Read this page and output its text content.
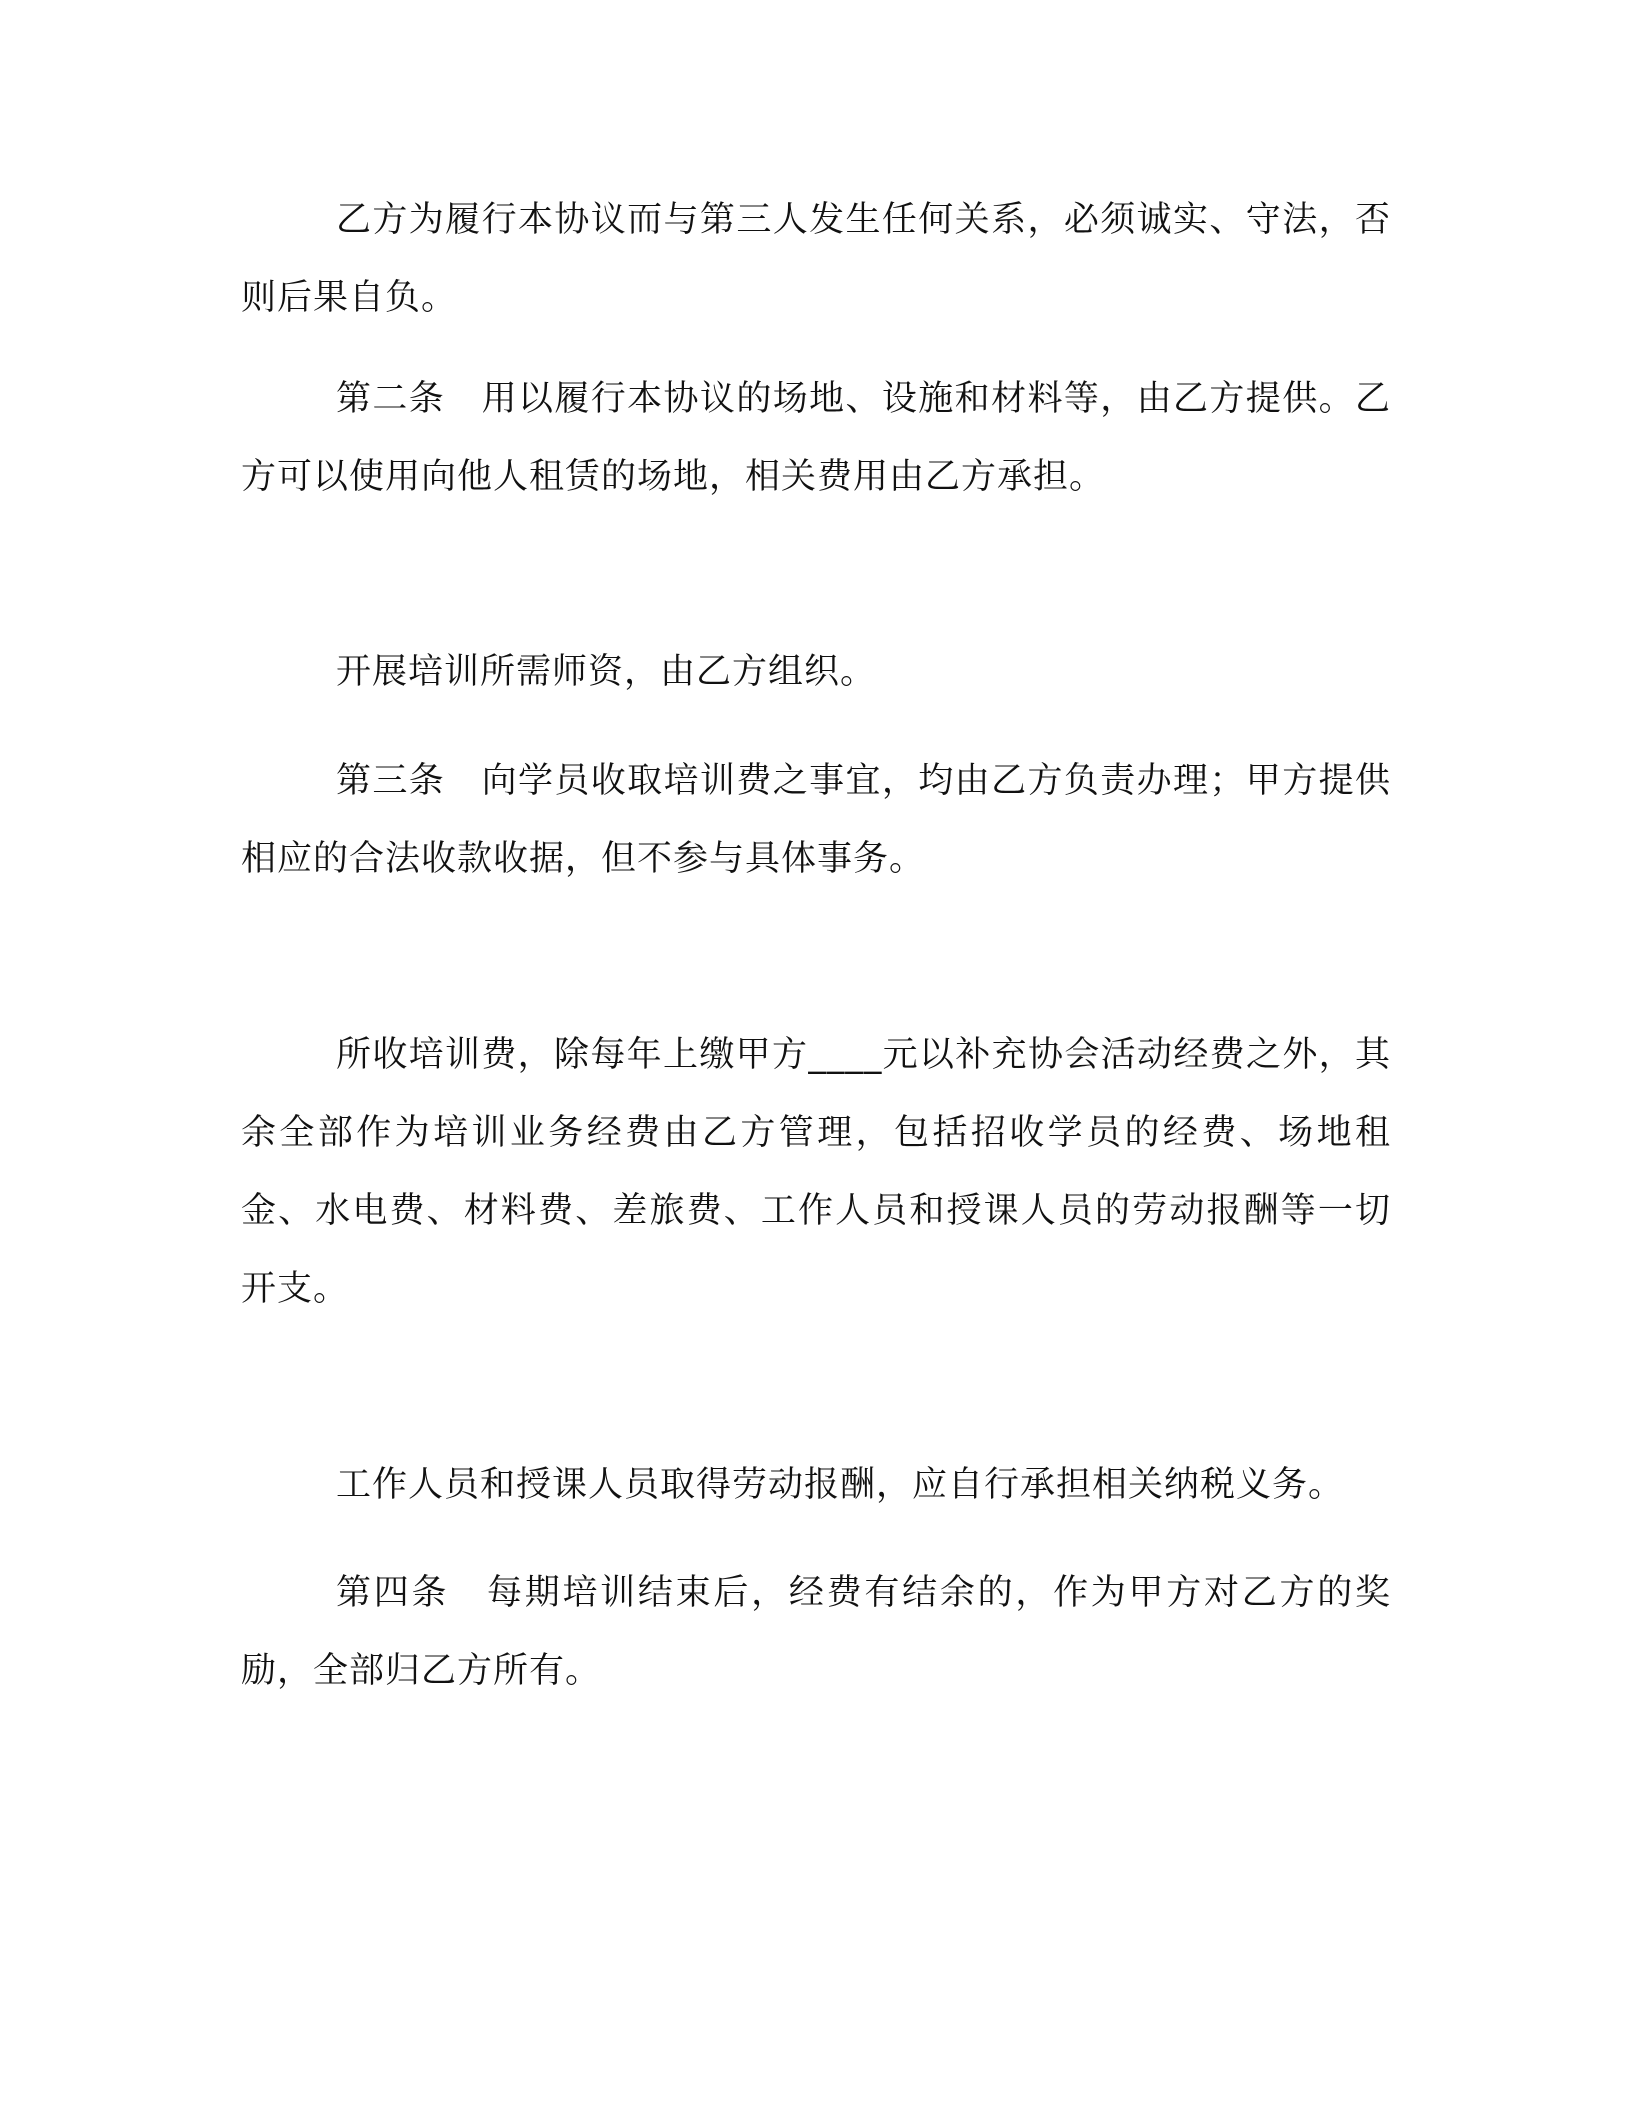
乙方为履行本协议而与第三人发生任何关系，必须诚实、守法，否则后果自负。

第二条　用以履行本协议的场地、设施和材料等，由乙方提供。乙方可以使用向他人租赁的场地，相关费用由乙方承担。

开展培训所需师资，由乙方组织。

第三条　向学员收取培训费之事宜，均由乙方负责办理；甲方提供相应的合法收款收据，但不参与具体事务。

所收培训费，除每年上缴甲方____元以补充协会活动经费之外，其余全部作为培训业务经费由乙方管理，包括招收学员的经费、场地租金、水电费、材料费、差旅费、工作人员和授课人员的劳动报酬等一切开支。

工作人员和授课人员取得劳动报酬，应自行承担相关纳税义务。

第四条　每期培训结束后，经费有结余的，作为甲方对乙方的奖励，全部归乙方所有。
